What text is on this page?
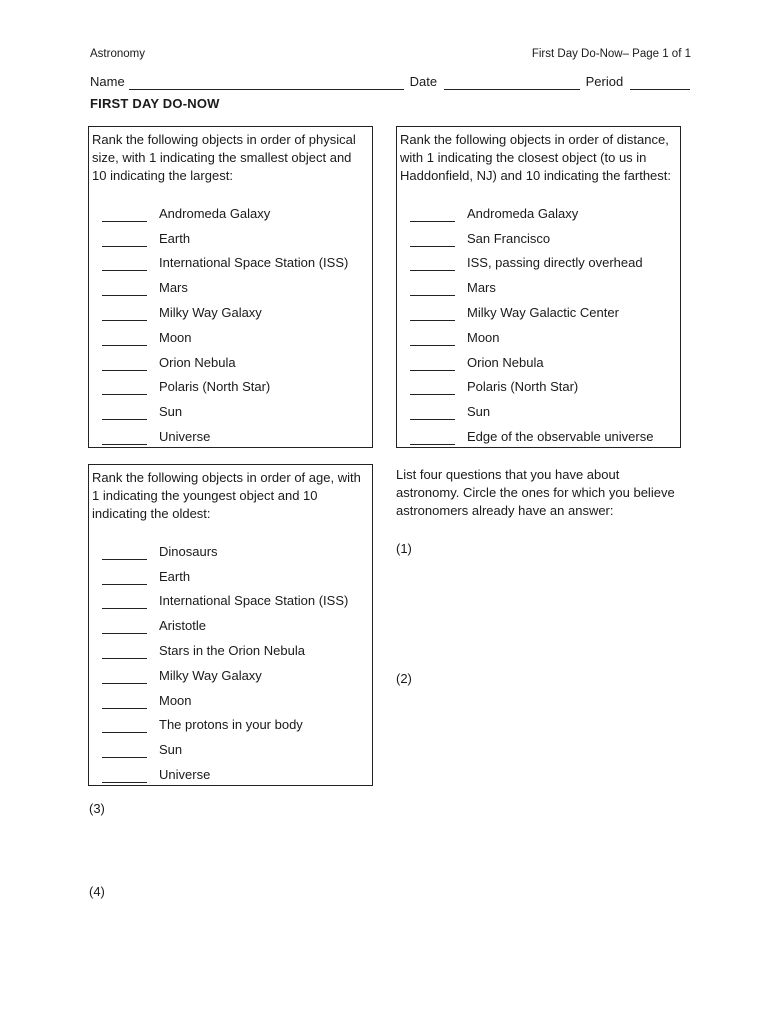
Astronomy	First Day Do-Now– Page 1 of 1
Name	Date	Period
FIRST DAY DO-NOW
Rank the following objects in order of physical size, with 1 indicating the smallest object and 10 indicating the largest:
Andromeda Galaxy
Earth
International Space Station (ISS)
Mars
Milky Way Galaxy
Moon
Orion Nebula
Polaris (North Star)
Sun
Universe
Rank the following objects in order of distance, with 1 indicating the closest object (to us in Haddonfield, NJ) and 10 indicating the farthest:
Andromeda Galaxy
San Francisco
ISS, passing directly overhead
Mars
Milky Way Galactic Center
Moon
Orion Nebula
Polaris (North Star)
Sun
Edge of the observable universe
Rank the following objects in order of age, with 1 indicating the youngest object and 10 indicating the oldest:
Dinosaurs
Earth
International Space Station (ISS)
Aristotle
Stars in the Orion Nebula
Milky Way Galaxy
Moon
The protons in your body
Sun
Universe
List four questions that you have about astronomy. Circle the ones for which you believe astronomers already have an answer:
(1)
(2)
(3)
(4)
